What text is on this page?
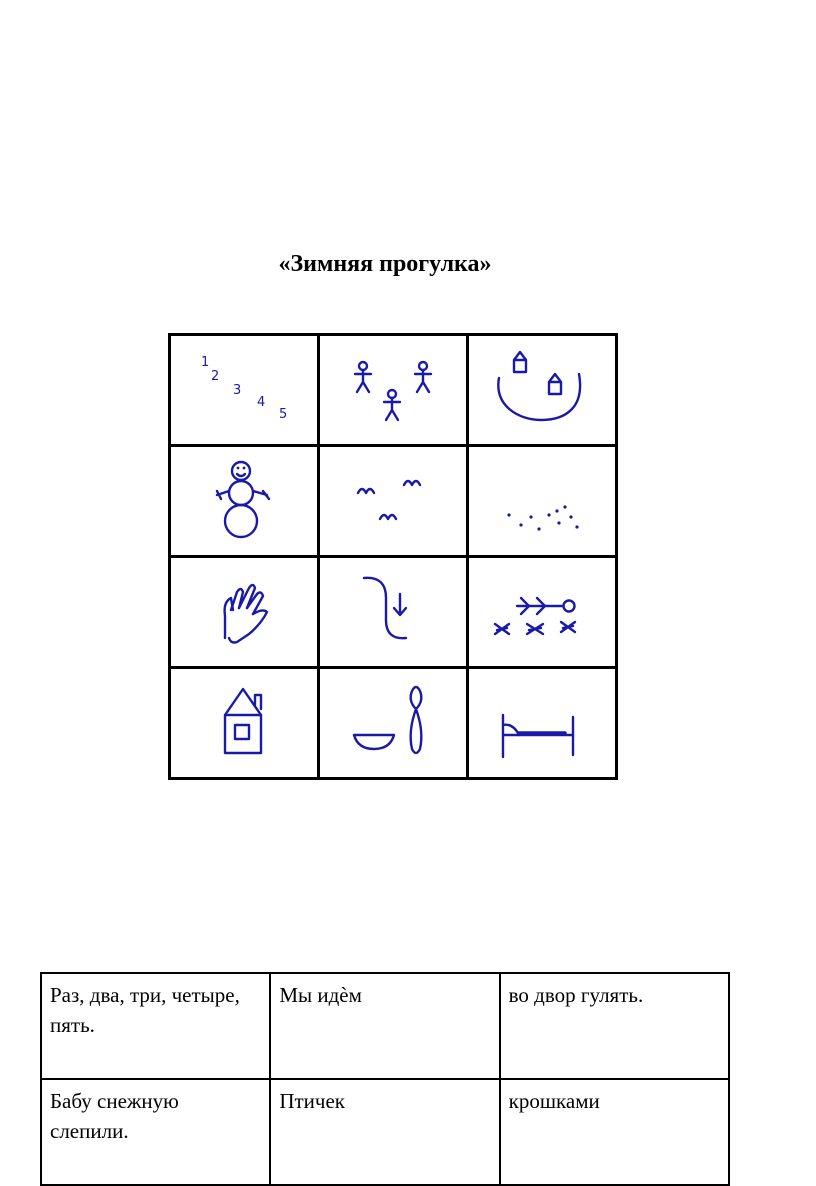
«Зимняя прогулка»
1
2
3
4
5

Раз, два, три, четыре, пять.	Мы идѐм	во двор гулять.
Бабу снежную слепили.	Птичек	крошками
